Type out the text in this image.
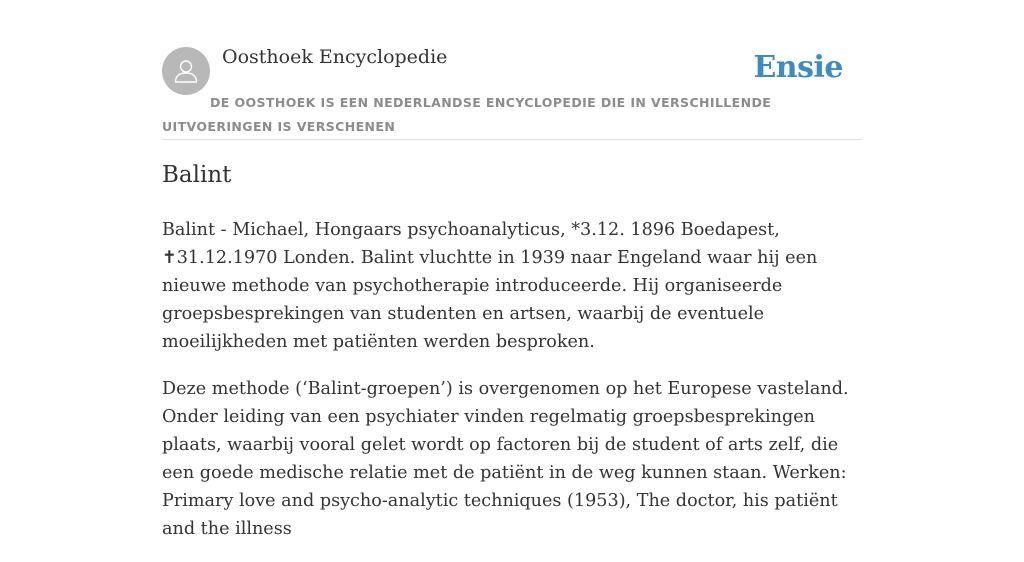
Oosthoek Encyclopedie	Ensie
DE OOSTHOEK IS EEN NEDERLANDSE ENCYCLOPEDIE DIE IN VERSCHILLENDE UITVOERINGEN IS VERSCHENEN
Balint

Balint - Michael, Hongaars psychoanalyticus, *3.12. 1896 Boedapest, ✝31.12.1970 Londen. Balint vluchtte in 1939 naar Engeland waar hij een nieuwe methode van psychotherapie introduceerde. Hij organiseerde groepsbesprekingen van studenten en artsen, waarbij de eventuele moeilijkheden met patiënten werden besproken.

Deze methode (‘Balint-groepen’) is overgenomen op het Europese vasteland. Onder leiding van een psychiater vinden regelmatig groepsbesprekingen plaats, waarbij vooral gelet wordt op factoren bij de student of arts zelf, die een goede medische relatie met de patiënt in de weg kunnen staan. Werken: Primary love and psycho-analytic techniques (1953), The doctor, his patiënt and the illness
